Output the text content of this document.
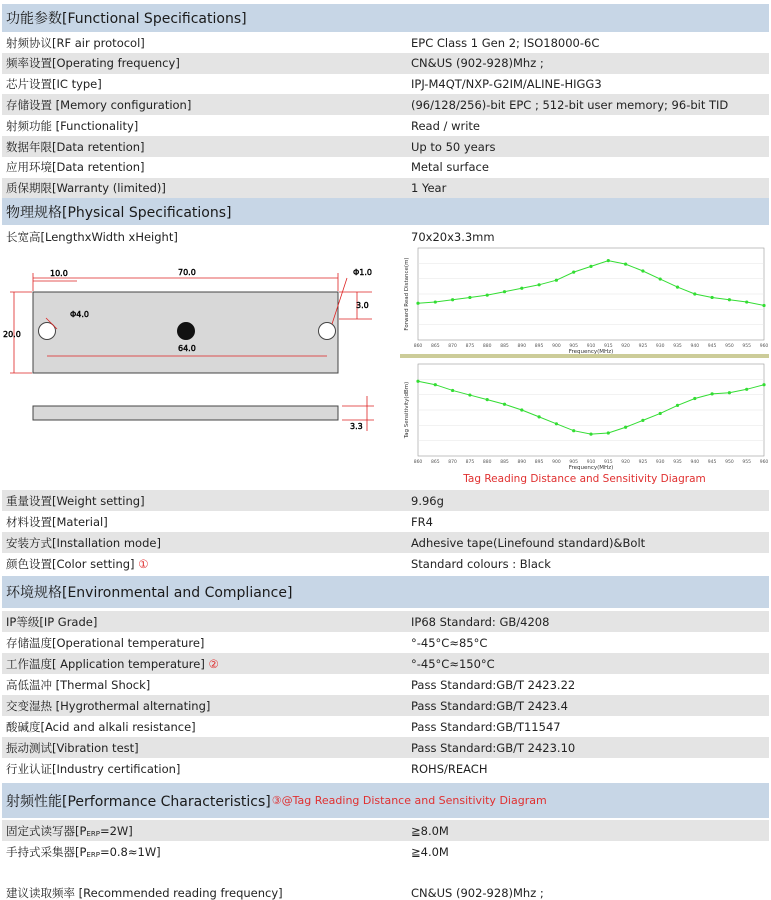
功能参数[Functional Specifications]
射频协议[RF air protocol]	EPC Class 1 Gen 2; ISO18000-6C
频率设置[Operating frequency]	CN&US (902-928)Mhz ;
芯片设置[IC type]	IPJ-M4QT/NXP-G2IM/ALINE-HIGG3
存储设置 [Memory configuration]	(96/128/256)-bit EPC ; 512-bit user memory; 96-bit TID
射频功能 [Functionality]	Read / write
数据年限[Data retention]	Up to 50 years
应用环境[Data retention]	Metal surface
质保期限[Warranty (limited)]	1 Year
物理规格[Physical Specifications]
长宽高[LengthxWidth xHeight]	70x20x3.3mm
10.0	70.0	Φ1.0
3.0
Φ4.0
20.0
64.0
3.3
860 865 870 875 880 885 890 895 900 905 910 915 920 925 930 935 940 945 950 955 960
Frequency(MHz)
Forward Read Distance(m)
860 865 870 875 880 885 890 895 900 905 910 915 920 925 930 935 940 945 950 955 960
Frequency(MHz)
Tag Sensitivity(dBm)
Tag Reading Distance and Sensitivity Diagram
重量设置[Weight setting]	9.96g
材料设置[Material]	FR4
安装方式[Installation mode]	Adhesive tape(Linefound standard)&Bolt
颜色设置[Color setting] ①	Standard colours : Black
环境规格[Environmental and Compliance]
IP等级[IP Grade]	IP68 Standard: GB/4208
存储温度[Operational temperature]	°-45°C≈85°C
工作温度[ Application temperature] ②	°-45°C≈150°C
高低温冲 [Thermal Shock]	Pass Standard:GB/T 2423.22
交变湿热 [Hygrothermal alternating]	Pass Standard:GB/T 2423.4
酸碱度[Acid and alkali resistance]	Pass Standard:GB/T11547
振动测试[Vibration test]	Pass Standard:GB/T 2423.10
行业认证[Industry certification]	ROHS/REACH
射频性能[Performance Characteristics] ③@Tag Reading Distance and Sensitivity Diagram
固定式读写器[PERP=2W]	≧8.0M
手持式采集器[PERP=0.8≈1W]	≧4.0M
建议读取频率 [Recommended reading frequency]	CN&US (902-928)Mhz ;
